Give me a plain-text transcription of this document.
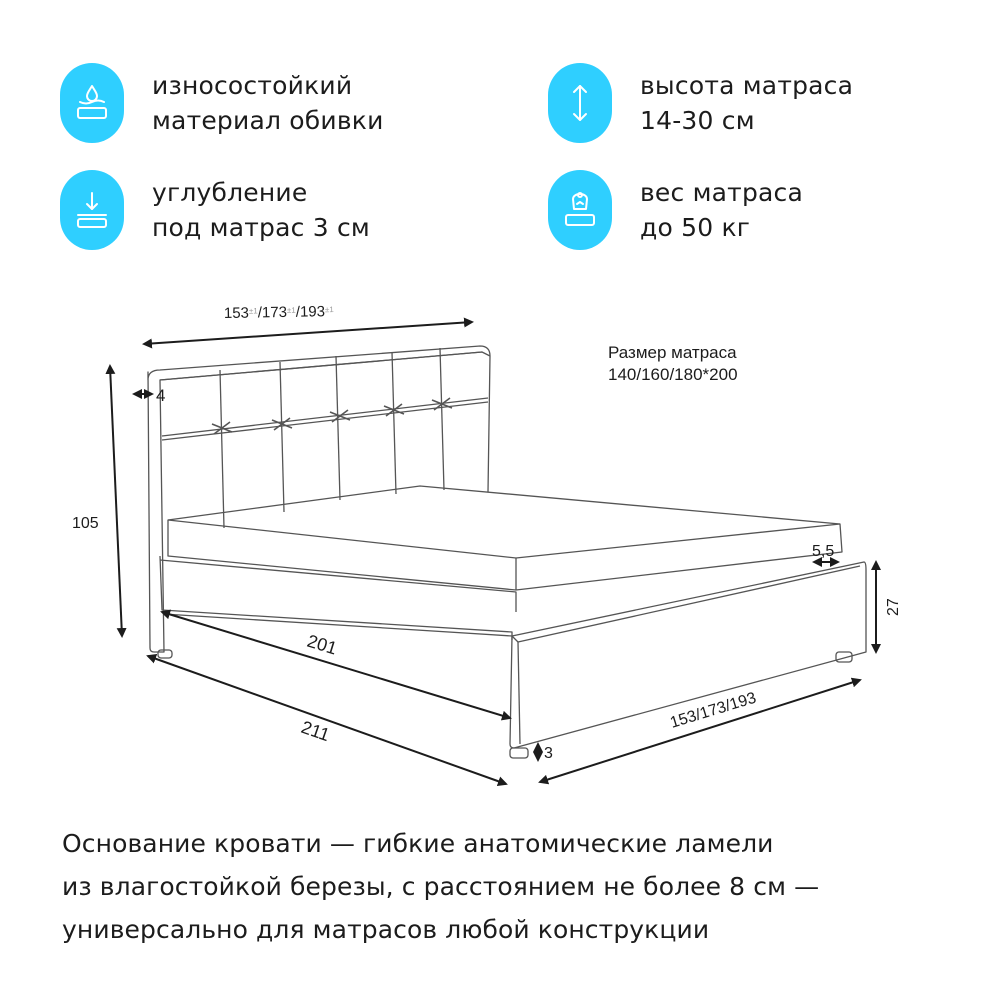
износостойкий
материал обивки
высота матраса
14-30 см
углубление
под матрас 3 см
вес матраса
до 50 кг
$153^{\pm 1}/173^{\pm 1}/193^{\pm 1}$
Размер матраса
140/160/180*200
4
105
5,5
27
201
211
3
153/173/193
Основание кровати — гибкие анатомические ламели
из влагостойкой березы, с расстоянием не более 8 см —
универсально для матрасов любой конструкции
